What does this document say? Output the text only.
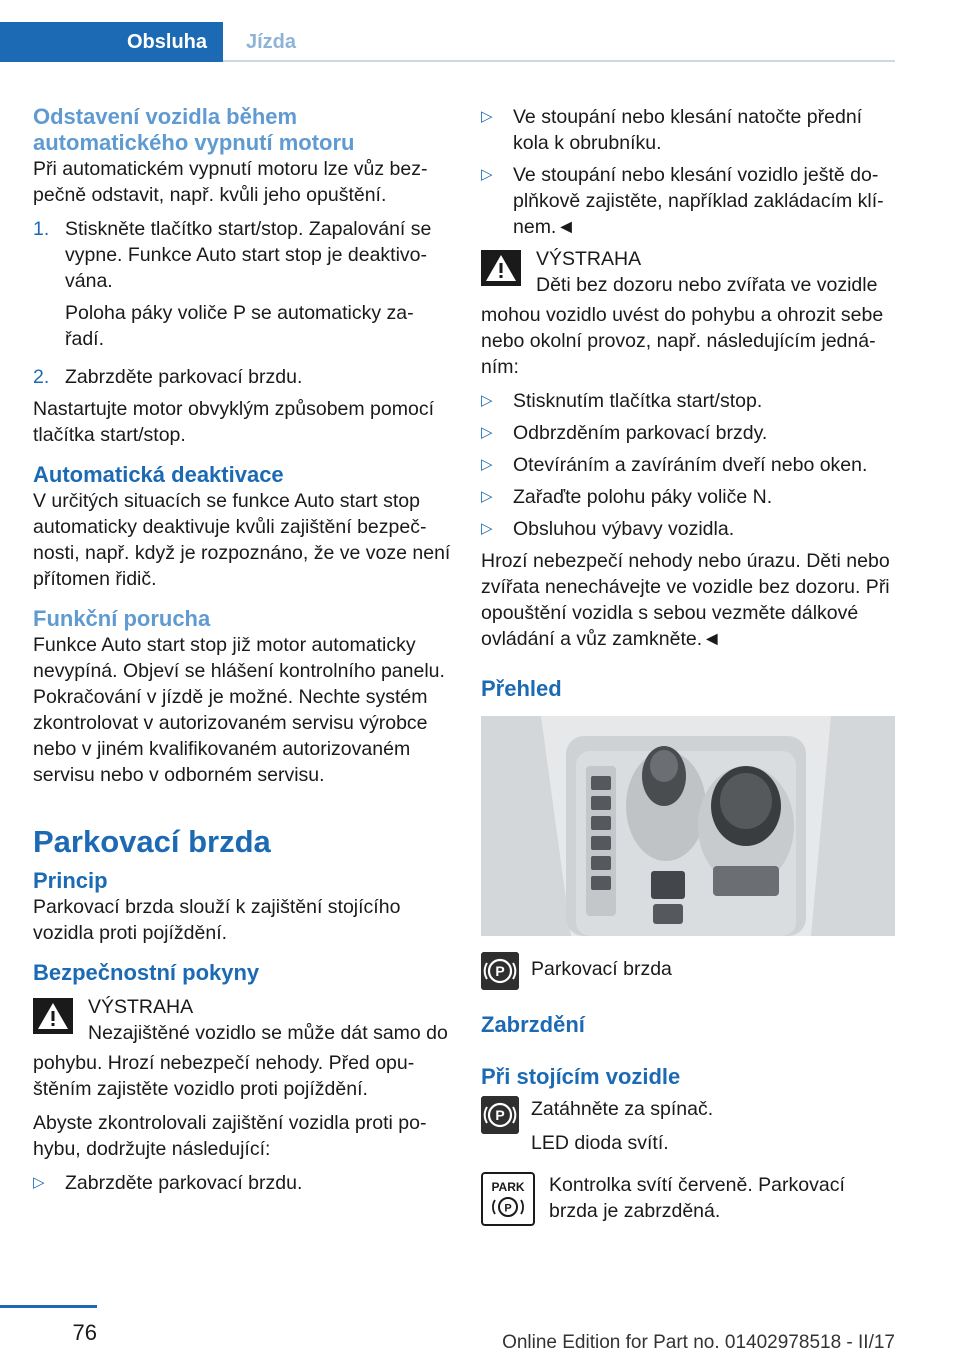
Obsluha	Jízda
Odstavení vozidla během automatického vypnutí motoru

Při automatickém vypnutí motoru lze vůz bez-pečně odstavit, např. kvůli jeho opuštění.

1. Stiskněte tlačítko start/stop. Zapalování se vypne. Funkce Auto start stop je deaktivo-vána.

Poloha páky voliče P se automaticky za-řadí.

2. Zabrzděte parkovací brzdu.

Nastartujte motor obvyklým způsobem pomocí tlačítka start/stop.

Automatická deaktivace

V určitých situacích se funkce Auto start stop automaticky deaktivuje kvůli zajištění bezpeč-nosti, např. když je rozpoznáno, že ve voze není přítomen řidič.

Funkční porucha

Funkce Auto start stop již motor automaticky nevypíná. Objeví se hlášení kontrolního panelu. Pokračování v jízdě je možné. Nechte systém zkontrolovat v autorizovaném servisu výrobce nebo v jiném kvalifikovaném autorizovaném servisu nebo v odborném servisu.

Parkovací brzda
Princip

Parkovací brzda slouží k zajištění stojícího vozidla proti pojíždění.

Bezpečnostní pokyny
VÝSTRAHA
Nezajištěné vozidlo se může dát samo do

pohybu. Hrozí nebezpečí nehody. Před opu-štěním zajistěte vozidlo proti pojíždění.

Abyste zkontrolovali zajištění vozidla proti po-hybu, dodržujte následující:

▷	Zabrzděte parkovací brzdu.
▷	Ve stoupání nebo klesání natočte přední kola k obrubníku.
▷	Ve stoupání nebo klesání vozidlo ještě do-plňkově zajistěte, například zakládacím klí-nem.◄
VÝSTRAHA
Děti bez dozoru nebo zvířata ve vozidle

mohou vozidlo uvést do pohybu a ohrozit sebe nebo okolní provoz, např. následujícím jedná-ním:

▷	Stisknutím tlačítka start/stop.
▷	Odbrzděním parkovací brzdy.
▷	Otevíráním a zavíráním dveří nebo oken.
▷	Zařaďte polohu páky voliče N.
▷	Obsluhou výbavy vozidla.

Hrozí nebezpečí nehody nebo úrazu. Děti nebo zvířata nenechávejte ve vozidle bez dozoru. Při opouštění vozidla s sebou vezměte dálkové ovládání a vůz zamkněte.◄

Přehled
P Parkovací brzda
Zabrzdění
Při stojícím vozidle
P Zatáhněte za spínač.

LED dioda svítí.

PARK
P
Kontrolka svítí červeně. Parkovací brzda je zabrzděná.
76	Online Edition for Part no. 01402978518 - II/17
